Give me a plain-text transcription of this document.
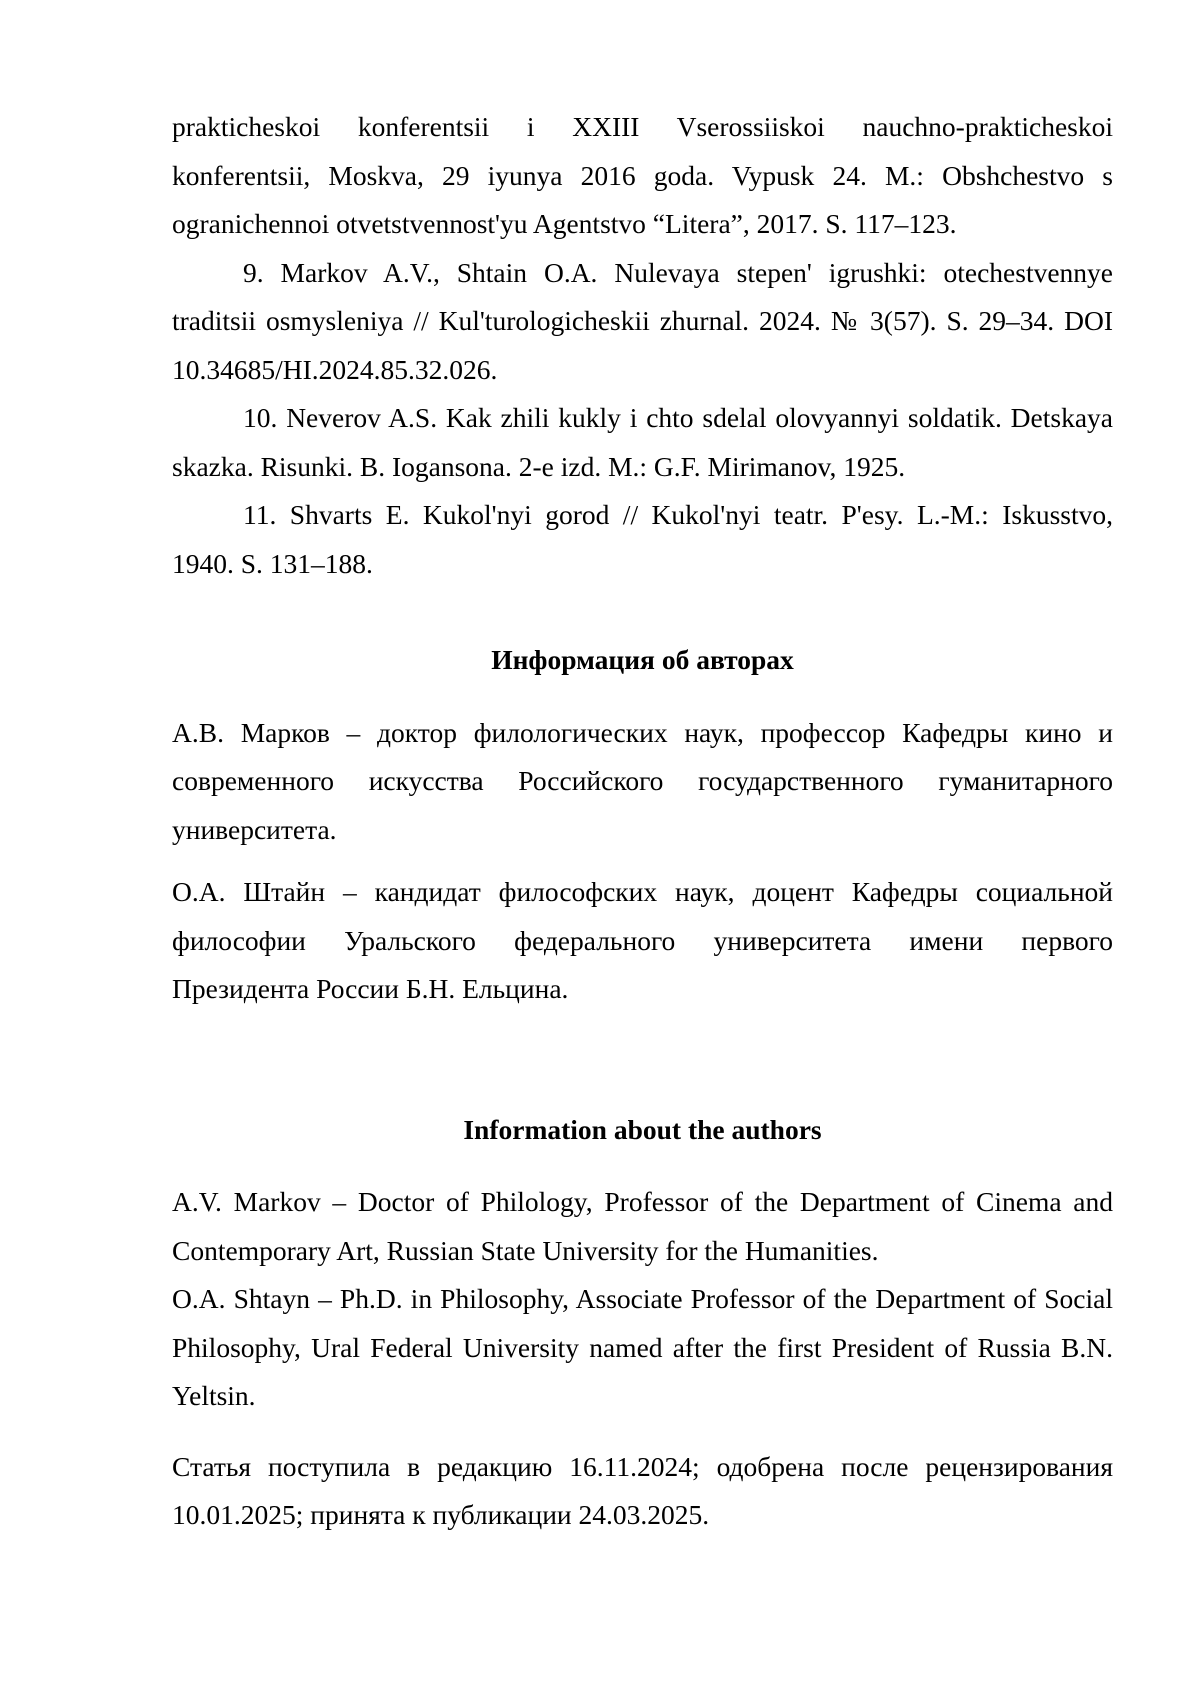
prakticheskoi konferentsii i XXIII Vserossiiskoi nauchno-prakticheskoi
konferentsii, Moskva, 29 iyunya 2016 goda. Vypusk 24. M.: Obshchestvo s
ogranichennoi otvetstvennost'yu Agentstvo “Litera”, 2017. S. 117–123.
9. Markov A.V., Shtain O.A. Nulevaya stepen' igrushki: otechestvennye
traditsii osmysleniya // Kul'turologicheskii zhurnal. 2024. № 3(57). S. 29–34. DOI
10.34685/HI.2024.85.32.026.
10. Neverov A.S. Kak zhili kukly i chto sdelal olovyannyi soldatik. Detskaya
skazka. Risunki. B. Iogansona. 2-e izd. M.: G.F. Mirimanov, 1925.
11. Shvarts E. Kukol'nyi gorod // Kukol'nyi teatr. P'esy. L.-M.: Iskusstvo,
1940. S. 131–188.
Информация об авторах
А.В. Марков – доктор филологических наук, профессор Кафедры кино и
современного искусства Российского государственного гуманитарного
университета.
О.А. Штайн – кандидат философских наук, доцент Кафедры социальной
философии Уральского федерального университета имени первого
Президента России Б.Н. Ельцина.
Information about the authors
A.V. Markov – Doctor of Philology, Professor of the Department of Cinema and
Contemporary Art, Russian State University for the Humanities.
O.A. Shtayn – Ph.D. in Philosophy, Associate Professor of the Department of Social
Philosophy, Ural Federal University named after the first President of Russia B.N.
Yeltsin.
Статья поступила в редакцию 16.11.2024; одобрена после рецензирования
10.01.2025; принята к публикации 24.03.2025.
